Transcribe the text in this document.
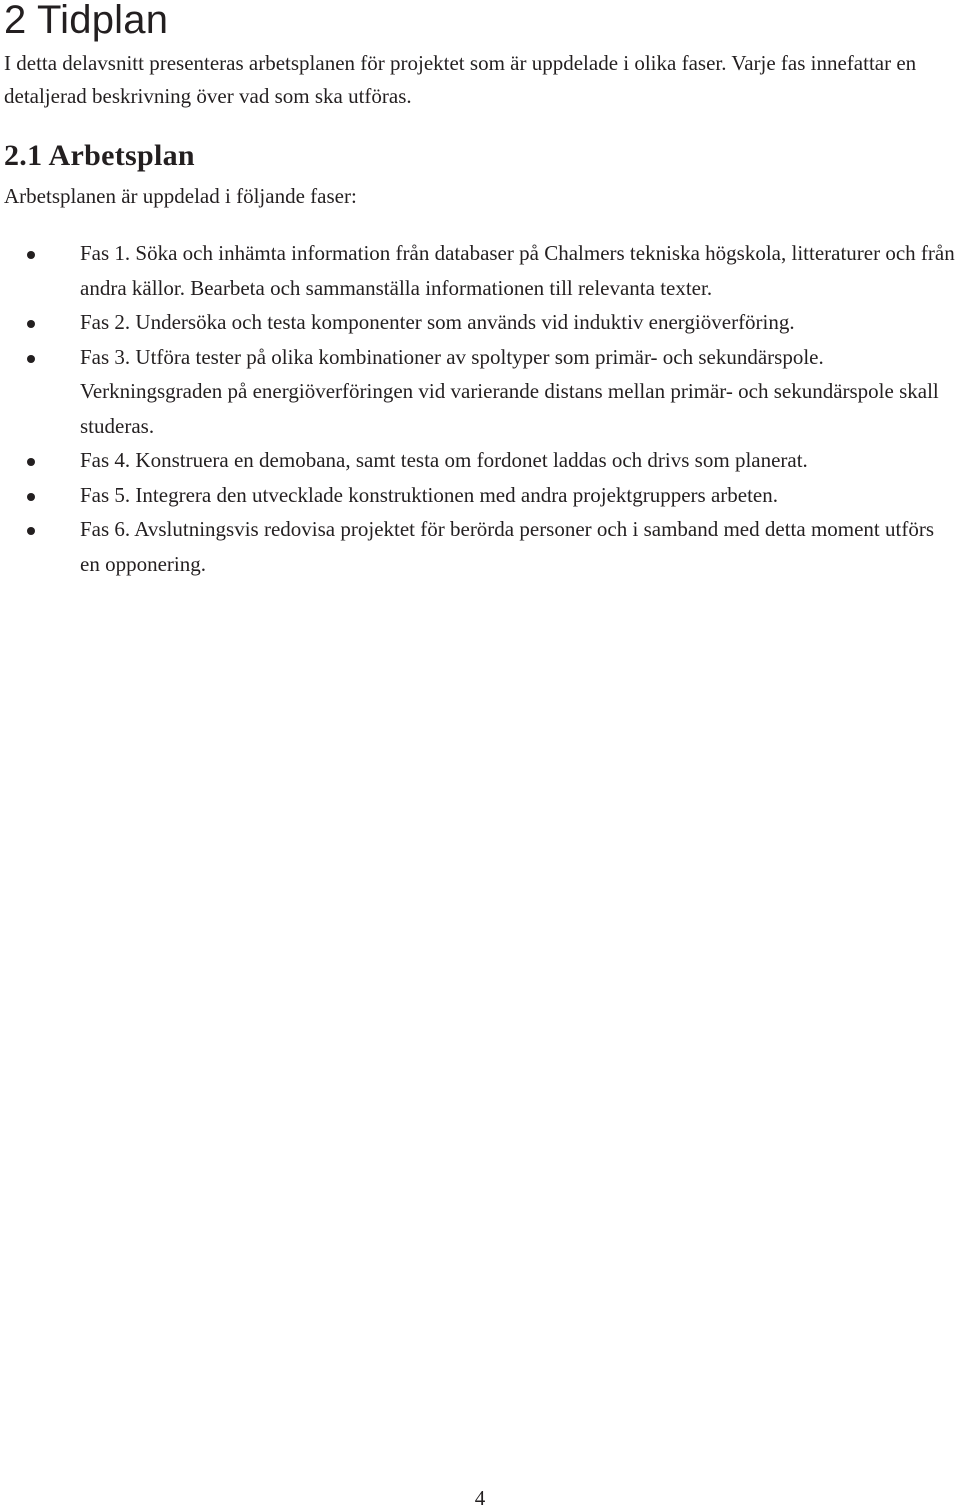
2 Tidplan

I detta delavsnitt presenteras arbetsplanen för projektet som är uppdelade i olika faser. Varje fas innefattar en detaljerad beskrivning över vad som ska utföras.

2.1 Arbetsplan

Arbetsplanen är uppdelad i följande faser:

Fas 1. Söka och inhämta information från databaser på Chalmers tekniska högskola, litteraturer och från andra källor. Bearbeta och sammanställa informationen till relevanta texter.
Fas 2. Undersöka och testa komponenter som används vid induktiv energiöverföring.
Fas 3. Utföra tester på olika kombinationer av spoltyper som primär- och sekundärspole. Verkningsgraden på energiöverföringen vid varierande distans mellan primär- och sekundärspole skall studeras.
Fas 4. Konstruera en demobana, samt testa om fordonet laddas och drivs som planerat.
Fas 5. Integrera den utvecklade konstruktionen med andra projektgruppers arbeten.
Fas 6. Avslutningsvis redovisa projektet för berörda personer och i samband med detta moment utförs en opponering.
4
